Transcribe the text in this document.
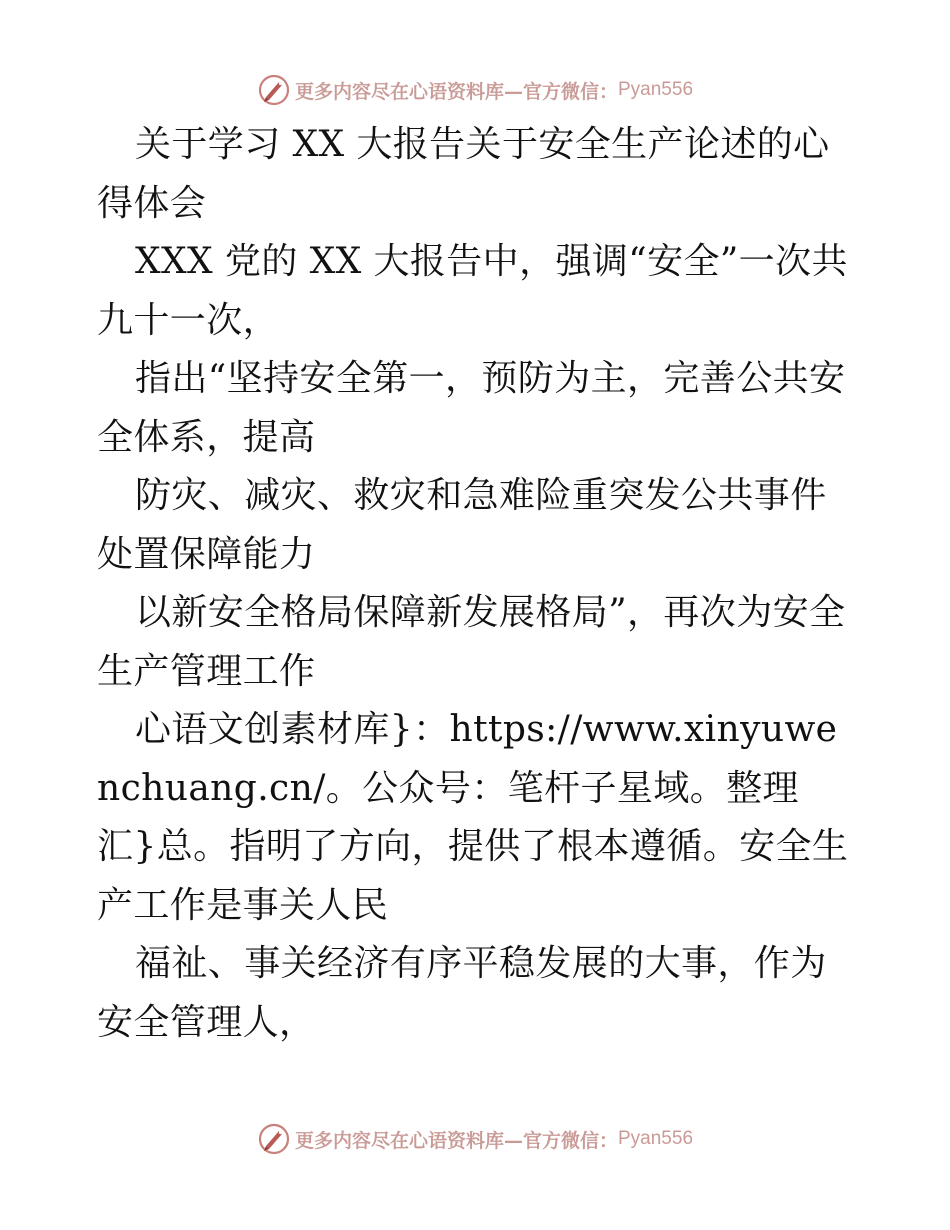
更多内容尽在心语资料库—官方微信： Pyan556

关于学习 XX 大报告关于安全生产论述的心得体会

XXX 党的 XX 大报告中，强调“安全”一次共九十一次，

指出“坚持安全第一，预防为主，完善公共安全体系，提高

防灾、减灾、救灾和急难险重突发公共事件处置保障能力

以新安全格局保障新发展格局”，再次为安全生产管理工作

心语文创素材库}：https://www.xinyuwenchuang.cn/。公众号：笔杆子星域。整理汇}总。指明了方向，提供了根本遵循。安全生产工作是事关人民

福祉、事关经济有序平稳发展的大事，作为安全管理人，

更多内容尽在心语资料库—官方微信： Pyan556
